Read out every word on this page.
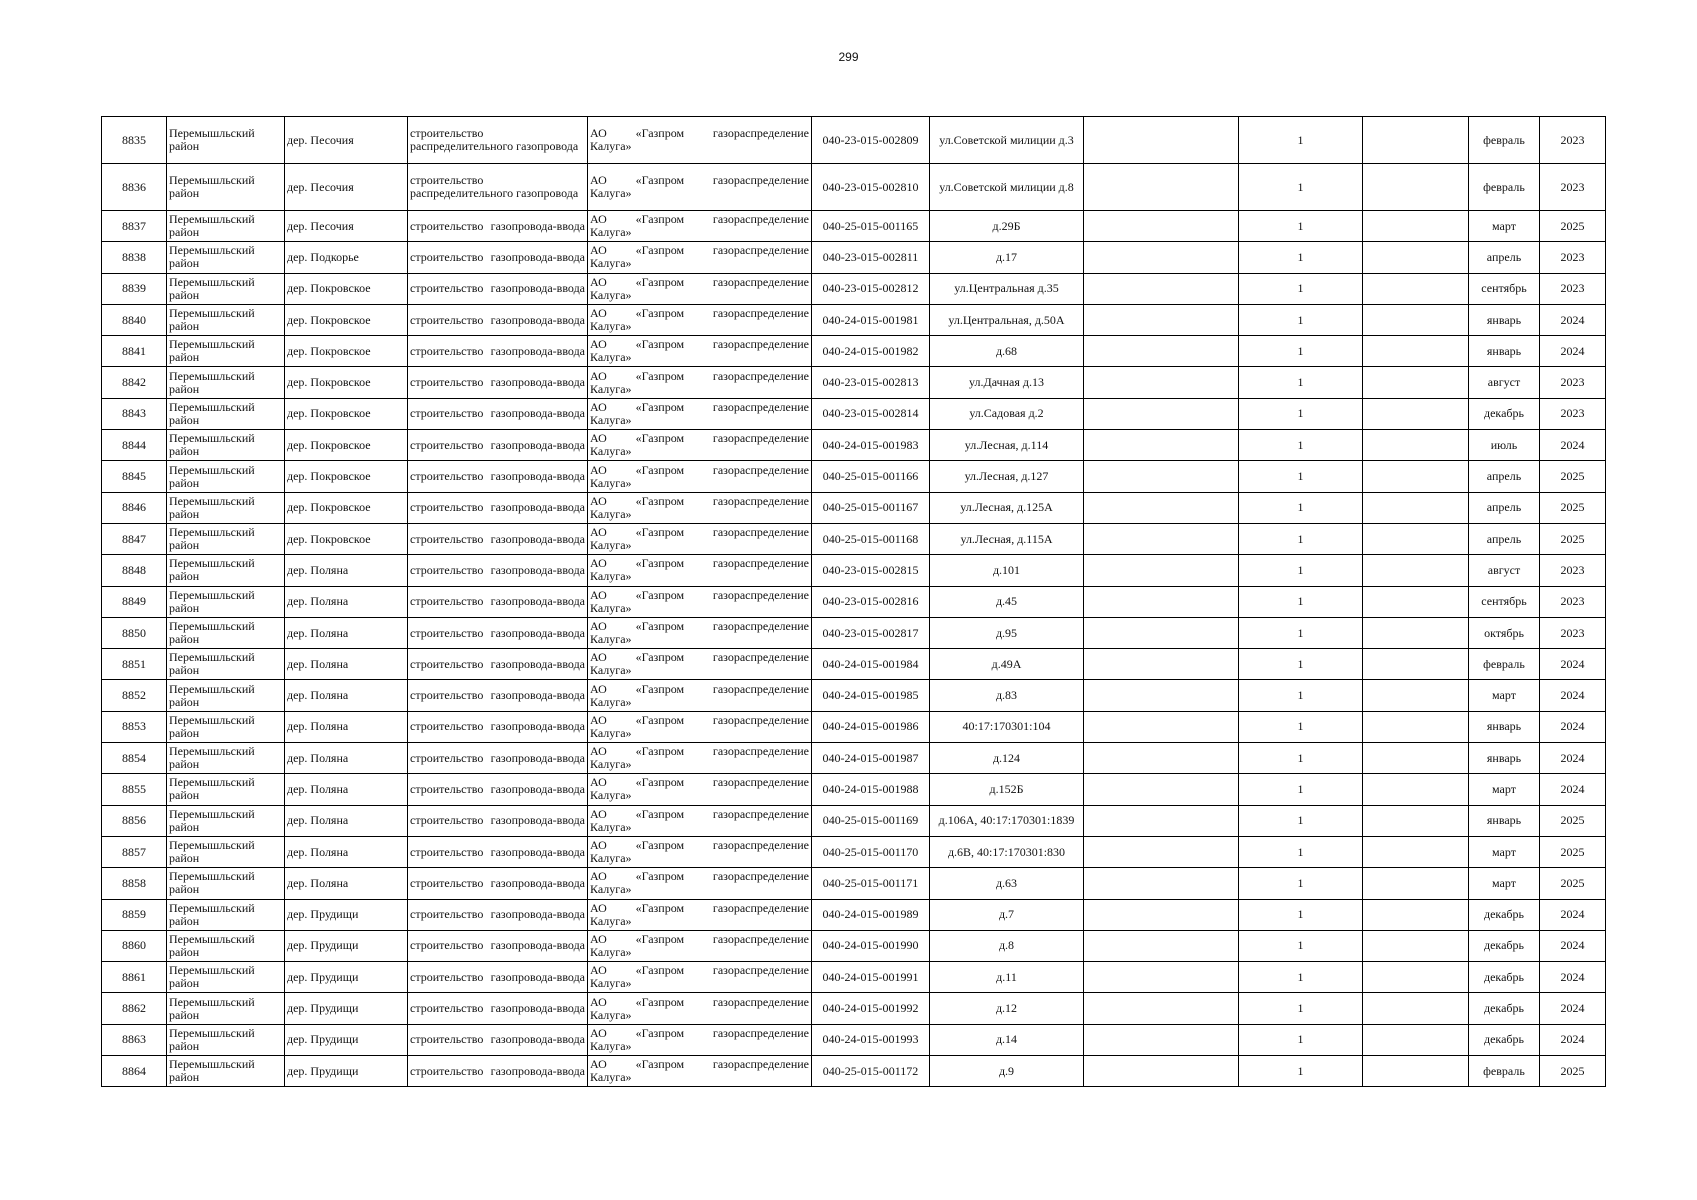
299
8835	Перемышльский район	дер. Песочия	строительство распределительного газопровода	АО «Газпром газораспределение
Калуга»	040-23-015-002809	ул.Советской милиции д.3		1		февраль	2023
8836	Перемышльский район	дер. Песочия	строительство распределительного газопровода	АО «Газпром газораспределение
Калуга»	040-23-015-002810	ул.Советской милиции д.8		1		февраль	2023
8837	Перемышльский район	дер. Песочия	строительство газопровода-ввода	АО «Газпром газораспределение
Калуга»	040-25-015-001165	д.29Б		1		март	2025
8838	Перемышльский район	дер. Подкорье	строительство газопровода-ввода	АО «Газпром газораспределение
Калуга»	040-23-015-002811	д.17		1		апрель	2023
8839	Перемышльский район	дер. Покровское	строительство газопровода-ввода	АО «Газпром газораспределение
Калуга»	040-23-015-002812	ул.Центральная д.35		1		сентябрь	2023
8840	Перемышльский район	дер. Покровское	строительство газопровода-ввода	АО «Газпром газораспределение
Калуга»	040-24-015-001981	ул.Центральная, д.50А		1		январь	2024
8841	Перемышльский район	дер. Покровское	строительство газопровода-ввода	АО «Газпром газораспределение
Калуга»	040-24-015-001982	д.68		1		январь	2024
8842	Перемышльский район	дер. Покровское	строительство газопровода-ввода	АО «Газпром газораспределение
Калуга»	040-23-015-002813	ул.Дачная д.13		1		август	2023
8843	Перемышльский район	дер. Покровское	строительство газопровода-ввода	АО «Газпром газораспределение
Калуга»	040-23-015-002814	ул.Садовая д.2		1		декабрь	2023
8844	Перемышльский район	дер. Покровское	строительство газопровода-ввода	АО «Газпром газораспределение
Калуга»	040-24-015-001983	ул.Лесная, д.114		1		июль	2024
8845	Перемышльский район	дер. Покровское	строительство газопровода-ввода	АО «Газпром газораспределение
Калуга»	040-25-015-001166	ул.Лесная, д.127		1		апрель	2025
8846	Перемышльский район	дер. Покровское	строительство газопровода-ввода	АО «Газпром газораспределение
Калуга»	040-25-015-001167	ул.Лесная, д.125А		1		апрель	2025
8847	Перемышльский район	дер. Покровское	строительство газопровода-ввода	АО «Газпром газораспределение
Калуга»	040-25-015-001168	ул.Лесная, д.115А		1		апрель	2025
8848	Перемышльский район	дер. Поляна	строительство газопровода-ввода	АО «Газпром газораспределение
Калуга»	040-23-015-002815	д.101		1		август	2023
8849	Перемышльский район	дер. Поляна	строительство газопровода-ввода	АО «Газпром газораспределение
Калуга»	040-23-015-002816	д.45		1		сентябрь	2023
8850	Перемышльский район	дер. Поляна	строительство газопровода-ввода	АО «Газпром газораспределение
Калуга»	040-23-015-002817	д.95		1		октябрь	2023
8851	Перемышльский район	дер. Поляна	строительство газопровода-ввода	АО «Газпром газораспределение
Калуга»	040-24-015-001984	д.49А		1		февраль	2024
8852	Перемышльский район	дер. Поляна	строительство газопровода-ввода	АО «Газпром газораспределение
Калуга»	040-24-015-001985	д.83		1		март	2024
8853	Перемышльский район	дер. Поляна	строительство газопровода-ввода	АО «Газпром газораспределение
Калуга»	040-24-015-001986	40:17:170301:104		1		январь	2024
8854	Перемышльский район	дер. Поляна	строительство газопровода-ввода	АО «Газпром газораспределение
Калуга»	040-24-015-001987	д.124		1		январь	2024
8855	Перемышльский район	дер. Поляна	строительство газопровода-ввода	АО «Газпром газораспределение
Калуга»	040-24-015-001988	д.152Б		1		март	2024
8856	Перемышльский район	дер. Поляна	строительство газопровода-ввода	АО «Газпром газораспределение
Калуга»	040-25-015-001169	д.106А, 40:17:170301:1839		1		январь	2025
8857	Перемышльский район	дер. Поляна	строительство газопровода-ввода	АО «Газпром газораспределение
Калуга»	040-25-015-001170	д.6В, 40:17:170301:830		1		март	2025
8858	Перемышльский район	дер. Поляна	строительство газопровода-ввода	АО «Газпром газораспределение
Калуга»	040-25-015-001171	д.63		1		март	2025
8859	Перемышльский район	дер. Прудищи	строительство газопровода-ввода	АО «Газпром газораспределение
Калуга»	040-24-015-001989	д.7		1		декабрь	2024
8860	Перемышльский район	дер. Прудищи	строительство газопровода-ввода	АО «Газпром газораспределение
Калуга»	040-24-015-001990	д.8		1		декабрь	2024
8861	Перемышльский район	дер. Прудищи	строительство газопровода-ввода	АО «Газпром газораспределение
Калуга»	040-24-015-001991	д.11		1		декабрь	2024
8862	Перемышльский район	дер. Прудищи	строительство газопровода-ввода	АО «Газпром газораспределение
Калуга»	040-24-015-001992	д.12		1		декабрь	2024
8863	Перемышльский район	дер. Прудищи	строительство газопровода-ввода	АО «Газпром газораспределение
Калуга»	040-24-015-001993	д.14		1		декабрь	2024
8864	Перемышльский район	дер. Прудищи	строительство газопровода-ввода	АО «Газпром газораспределение
Калуга»	040-25-015-001172	д.9		1		февраль	2025
